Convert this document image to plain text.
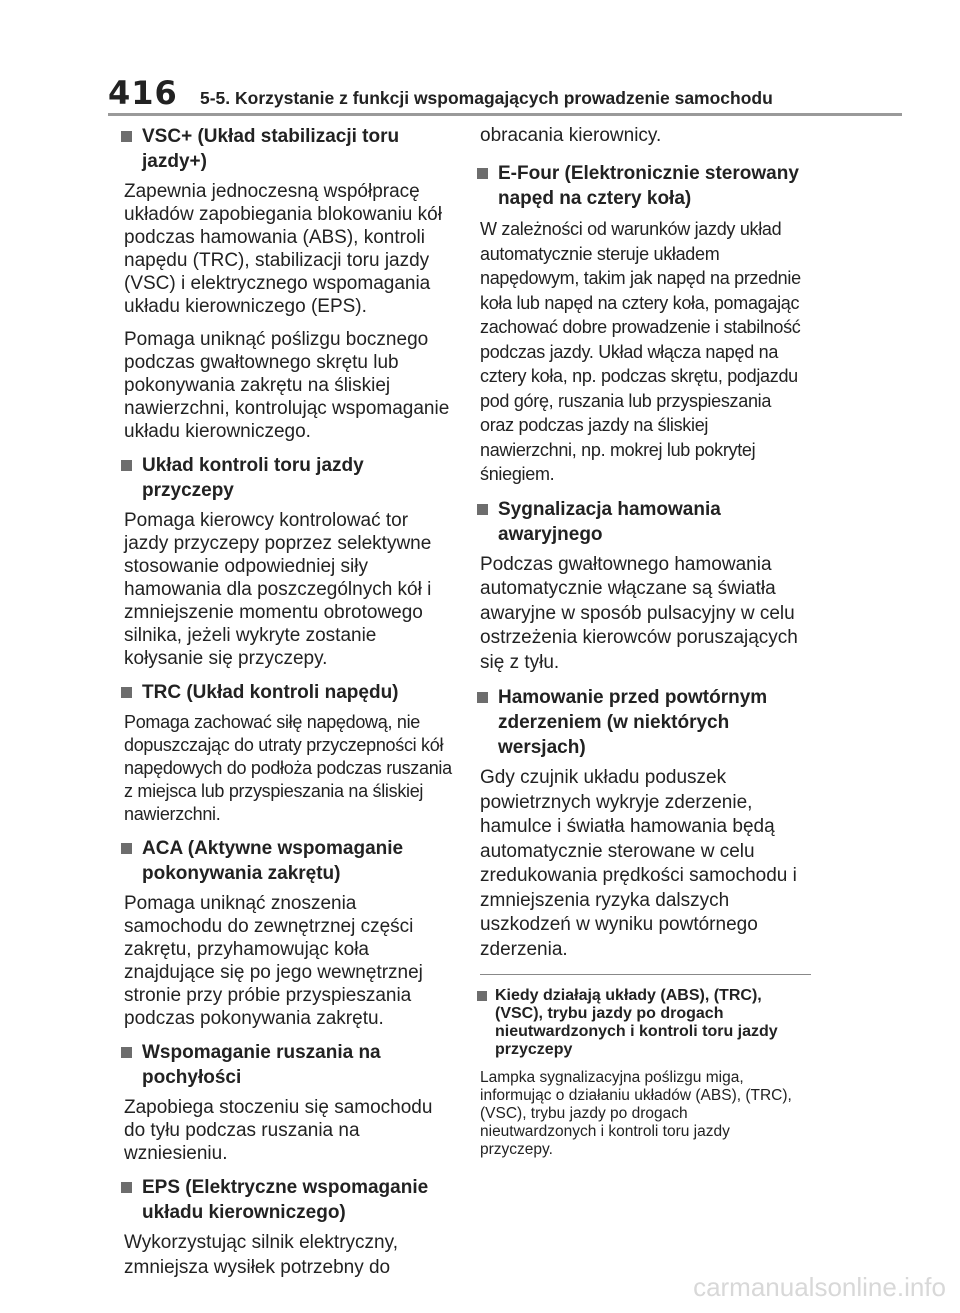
416	5-5. Korzystanie z funkcji wspomagających prowadzenie samochodu
VSC+ (Układ stabilizacji toru jazdy+)
Zapewnia jednoczesną współpracę układów zapobiegania blokowaniu kół podczas hamowania (ABS), kontroli napędu (TRC), stabilizacji toru jazdy (VSC) i elektrycznego wspomagania układu kierowniczego (EPS).
Pomaga uniknąć poślizgu bocznego podczas gwałtownego skrętu lub pokonywania zakrętu na śliskiej nawierzchni, kontrolując wspomaganie układu kierowniczego.
Układ kontroli toru jazdy przyczepy
Pomaga kierowcy kontrolować tor jazdy przyczepy poprzez selektywne stosowanie odpowiedniej siły hamowania dla poszczególnych kół i zmniejszenie momentu obrotowego silnika, jeżeli wykryte zostanie kołysanie się przyczepy.
TRC (Układ kontroli napędu)
Pomaga zachować siłę napędową, nie dopuszczając do utraty przyczepności kół napędowych do podłoża podczas ruszania z miejsca lub przyspieszania na śliskiej nawierzchni.
ACA (Aktywne wspomaganie pokonywania zakrętu)
Pomaga uniknąć znoszenia samochodu do zewnętrznej części zakrętu, przyhamowując koła znajdujące się po jego wewnętrznej stronie przy próbie przyspieszania podczas pokonywania zakrętu.
Wspomaganie ruszania na pochyłości
Zapobiega stoczeniu się samochodu do tyłu podczas ruszania na wzniesieniu.
EPS (Elektryczne wspomaganie układu kierowniczego)
Wykorzystując silnik elektryczny, zmniejsza wysiłek potrzebny do
obracania kierownicy.
E-Four (Elektronicznie sterowany napęd na cztery koła)
W zależności od warunków jazdy układ automatycznie steruje układem napędowym, takim jak napęd na przednie koła lub napęd na cztery koła, pomagając zachować dobre prowadzenie i stabilność podczas jazdy. Układ włącza napęd na cztery koła, np. podczas skrętu, podjazdu pod górę, ruszania lub przyspieszania oraz podczas jazdy na śliskiej nawierzchni, np. mokrej lub pokrytej śniegiem.
Sygnalizacja hamowania awaryjnego
Podczas gwałtownego hamowania automatycznie włączane są światła awaryjne w sposób pulsacyjny w celu ostrzeżenia kierowców poruszających się z tyłu.
Hamowanie przed powtórnym zderzeniem (w niektórych wersjach)
Gdy czujnik układu poduszek powietrznych wykryje zderzenie, hamulce i światła hamowania będą automatycznie sterowane w celu zredukowania prędkości samochodu i zmniejszenia ryzyka dalszych uszkodzeń w wyniku powtórnego zderzenia.
Kiedy działają układy (ABS), (TRC), (VSC), trybu jazdy po drogach nieutwardzonych i kontroli toru jazdy przyczepy
Lampka sygnalizacyjna poślizgu miga, informując o działaniu układów (ABS), (TRC), (VSC), trybu jazdy po drogach nieutwardzonych i kontroli toru jazdy przyczepy.
carmanualsonline.info
